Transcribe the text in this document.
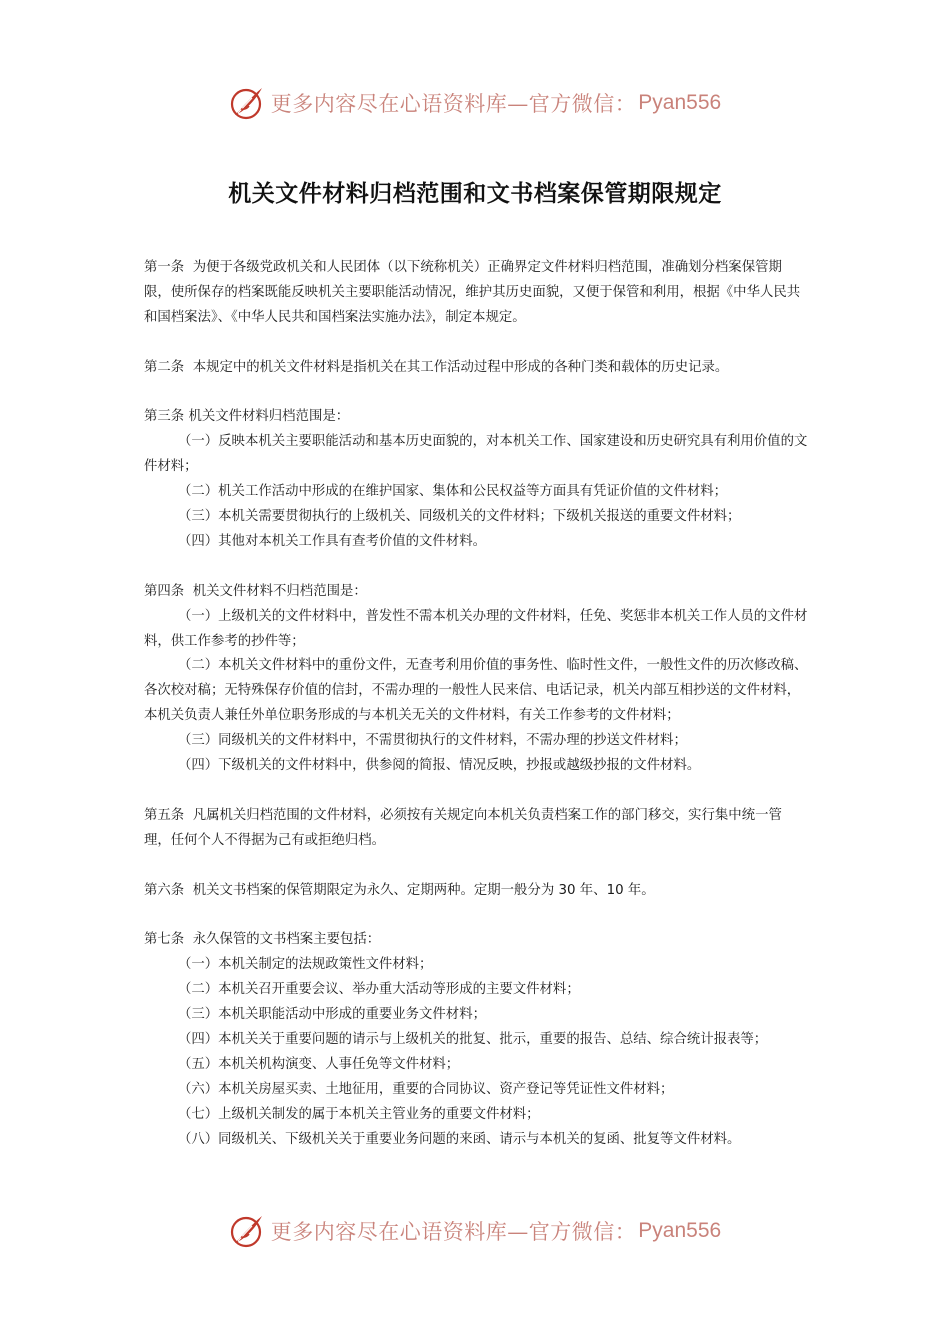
更多内容尽在心语资料库—官方微信： Pyan556
机关文件材料归档范围和文书档案保管期限规定

第一条 为便于各级党政机关和人民团体（以下统称机关）正确界定文件材料归档范围，准确划分档案保管期限，使所保存的档案既能反映机关主要职能活动情况，维护其历史面貌，又便于保管和利用，根据《中华人民共和国档案法》、《中华人民共和国档案法实施办法》，制定本规定。

第二条 本规定中的机关文件材料是指机关在其工作活动过程中形成的各种门类和载体的历史记录。

第三条 机关文件材料归档范围是：

（一）反映本机关主要职能活动和基本历史面貌的，对本机关工作、国家建设和历史研究具有利用价值的文件材料；

（二）机关工作活动中形成的在维护国家、集体和公民权益等方面具有凭证价值的文件材料；

（三）本机关需要贯彻执行的上级机关、同级机关的文件材料；下级机关报送的重要文件材料；

（四）其他对本机关工作具有查考价值的文件材料。

第四条 机关文件材料不归档范围是：

（一）上级机关的文件材料中，普发性不需本机关办理的文件材料，任免、奖惩非本机关工作人员的文件材料，供工作参考的抄件等；

（二）本机关文件材料中的重份文件，无查考利用价值的事务性、临时性文件，一般性文件的历次修改稿、各次校对稿；无特殊保存价值的信封，不需办理的一般性人民来信、电话记录，机关内部互相抄送的文件材料，本机关负责人兼任外单位职务形成的与本机关无关的文件材料，有关工作参考的文件材料；

（三）同级机关的文件材料中，不需贯彻执行的文件材料，不需办理的抄送文件材料；

（四）下级机关的文件材料中，供参阅的简报、情况反映，抄报或越级抄报的文件材料。

第五条 凡属机关归档范围的文件材料，必须按有关规定向本机关负责档案工作的部门移交，实行集中统一管理，任何个人不得据为己有或拒绝归档。

第六条 机关文书档案的保管期限定为永久、定期两种。定期一般分为 30 年、10 年。

第七条 永久保管的文书档案主要包括：

（一）本机关制定的法规政策性文件材料；

（二）本机关召开重要会议、举办重大活动等形成的主要文件材料；

（三）本机关职能活动中形成的重要业务文件材料；

（四）本机关关于重要问题的请示与上级机关的批复、批示，重要的报告、总结、综合统计报表等；

（五）本机关机构演变、人事任免等文件材料；

（六）本机关房屋买卖、土地征用，重要的合同协议、资产登记等凭证性文件材料；

（七）上级机关制发的属于本机关主管业务的重要文件材料；

（八）同级机关、下级机关关于重要业务问题的来函、请示与本机关的复函、批复等文件材料。

更多内容尽在心语资料库—官方微信： Pyan556
